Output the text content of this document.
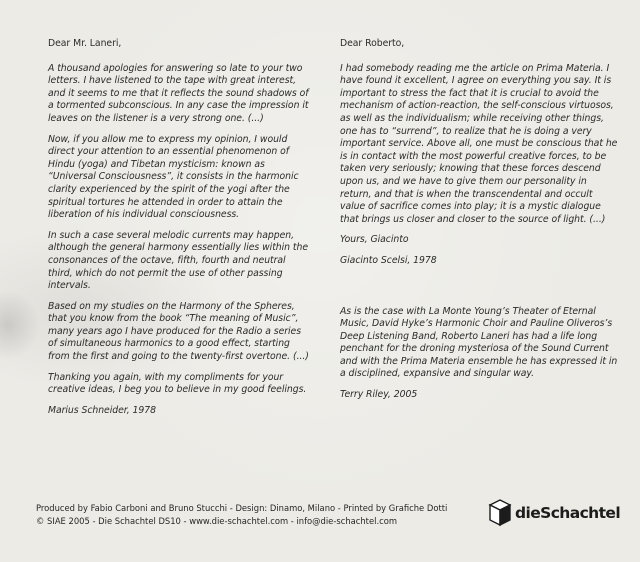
Dear Mr. Laneri,

A thousand apologies for answering so late to your two letters. I have listened to the tape with great interest, and it seems to me that it reflects the sound shadows of a tormented subconscious. In any case the impression it leaves on the listener is a very strong one. (...)

Now, if you allow me to express my opinion, I would direct your attention to an essential phenomenon of Hindu (yoga) and Tibetan mysticism: known as “Universal Consciousness”, it consists in the harmonic clarity experienced by the spirit of the yogi after the spiritual tortures he attended in order to attain the liberation of his individual consciousness.

In such a case several melodic currents may happen, although the general harmony essentially lies within the consonances of the octave, fifth, fourth and neutral third, which do not permit the use of other passing intervals.

Based on my studies on the Harmony of the Spheres, that you know from the book “The meaning of Music”, many years ago I have produced for the Radio a series of simultaneous harmonics to a good effect, starting from the first and going to the twenty-first overtone. (...)

Thanking you again, with my compliments for your creative ideas, I beg you to believe in my good feelings.

Marius Schneider, 1978

Dear Roberto,

I had somebody reading me the article on Prima Materia. I have found it excellent, I agree on everything you say. It is important to stress the fact that it is crucial to avoid the mechanism of action-reaction, the self-conscious virtuosos, as well as the individualism; while receiving other things, one has to “surrend”, to realize that he is doing a very important service. Above all, one must be conscious that he is in contact with the most powerful creative forces, to be taken very seriously; knowing that these forces descend upon us, and we have to give them our personality in return, and that is when the transcendental and occult value of sacrifice comes into play; it is a mystic dialogue that brings us closer and closer to the source of light. (...)

Yours, Giacinto

Giacinto Scelsi, 1978

As is the case with La Monte Young’s Theater of Eternal Music, David Hyke’s Harmonic Choir and Pauline Oliveros’s Deep Listening Band, Roberto Laneri has had a life long penchant for the droning mysteriosa of the Sound Current and with the Prima Materia ensemble he has expressed it in a disciplined, expansive and singular way.

Terry Riley, 2005

Produced by Fabio Carboni and Bruno Stucchi - Design: Dinamo, Milano - Printed by Grafiche Dotti
© SIAE 2005 - Die Schachtel DS10 - www.die-schachtel.com - info@die-schachtel.com	dieSchachtel
